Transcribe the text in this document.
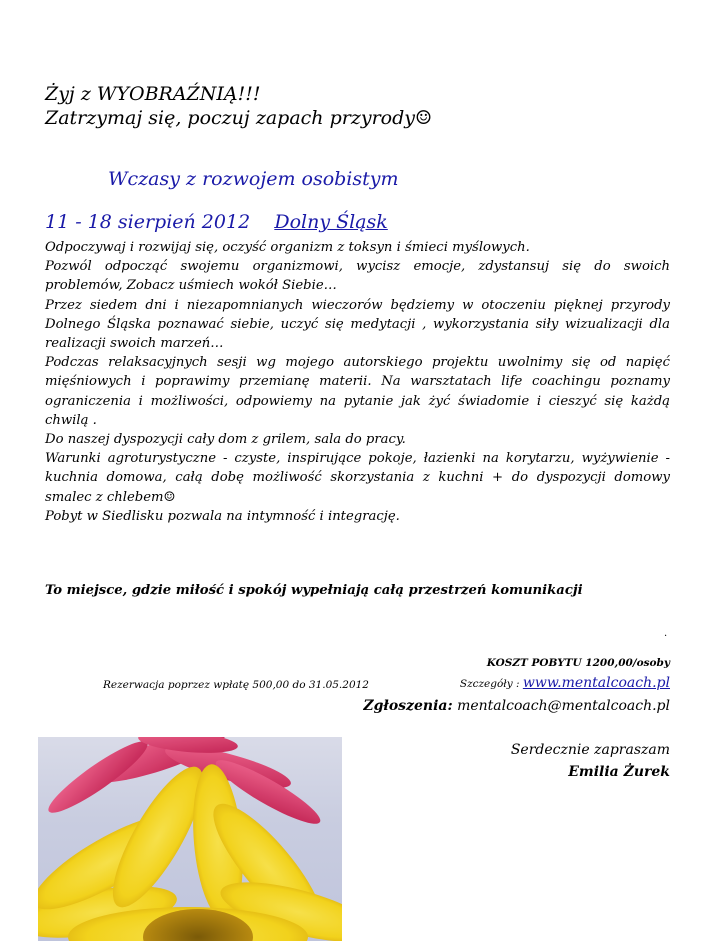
Żyj z WYOBRAŹNIĄ!!!
Zatrzymaj się, poczuj zapach przyrody☺
Wczasy z rozwojem osobistym
11 - 18 sierpień 2012 Dolny Śląsk

Odpoczywaj i rozwijaj się, oczyść organizm z toksyn i śmieci myślowych.

Pozwól odpocząć swojemu organizmowi, wycisz emocje, zdystansuj się do swoich problemów, Zobacz uśmiech wokół Siebie…

Przez siedem dni i niezapomnianych wieczorów będziemy w otoczeniu pięknej przyrody Dolnego Śląska poznawać siebie, uczyć się medytacji , wykorzystania siły wizualizacji dla realizacji swoich marzeń…

Podczas relaksacyjnych sesji wg mojego autorskiego projektu uwolnimy się od napięć mięśniowych i poprawimy przemianę materii. Na warsztatach life coachingu poznamy ograniczenia i możliwości, odpowiemy na pytanie jak żyć świadomie i cieszyć się każdą chwilą .

Do naszej dyspozycji cały dom z grilem, sala do pracy.

Warunki agroturystyczne - czyste, inspirujące pokoje, łazienki na korytarzu, wyżywienie -kuchnia domowa, całą dobę możliwość skorzystania z kuchni + do dyspozycji domowy smalec z chlebem☺

Pobyt w Siedlisku pozwala na intymność i integrację.

To miejsce, gdzie miłość i spokój wypełniają całą przestrzeń komunikacji
.
KOSZT POBYTU 1200,00/osoby
Rezerwacja poprzez wpłatę 500,00 do 31.05.2012	Szczegóły : www.mentalcoach.pl
Zgłoszenia: mentalcoach@mentalcoach.pl
Serdecznie zapraszam
Emilia Żurek
